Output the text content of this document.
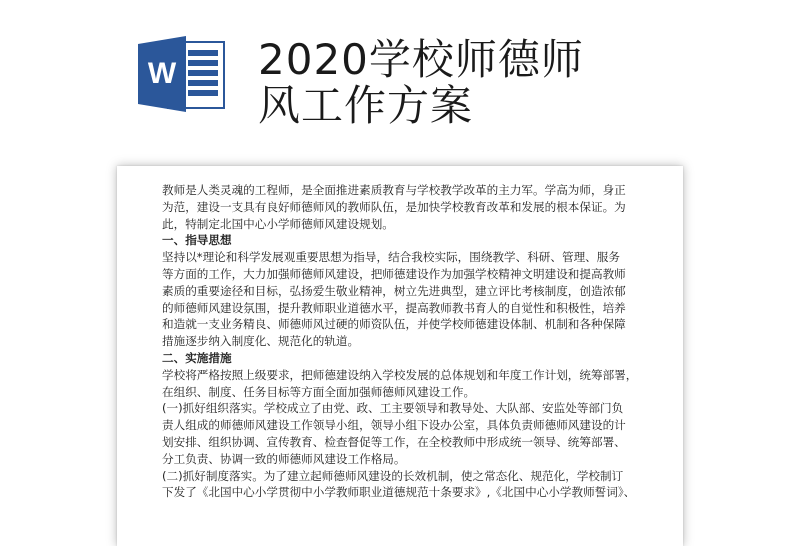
W 2020学校师德师
风工作方案

教师是人类灵魂的工程师，是全面推进素质教育与学校教学改革的主力军。学高为师，身正

为范，建设一支具有良好师德师风的教师队伍，是加快学校教育改革和发展的根本保证。为

此，特制定北国中心小学师德师风建设规划。

一、指导思想

坚持以*理论和科学发展观重要思想为指导，结合我校实际，围绕教学、科研、管理、服务

等方面的工作，大力加强师德师风建设，把师德建设作为加强学校精神文明建设和提高教师

素质的重要途径和目标，弘扬爱生敬业精神，树立先进典型，建立评比考核制度，创造浓郁

的师德师风建设氛围，提升教师职业道德水平，提高教师教书育人的自觉性和积极性，培养

和造就一支业务精良、师德师风过硬的师资队伍，并使学校师德建设体制、机制和各种保障

措施逐步纳入制度化、规范化的轨道。

二、实施措施

学校将严格按照上级要求，把师德建设纳入学校发展的总体规划和年度工作计划，统筹部署，

在组织、制度、任务目标等方面全面加强师德师风建设工作。

(一)抓好组织落实。学校成立了由党、政、工主要领导和教导处、大队部、安监处等部门负

责人组成的师德师风建设工作领导小组，领导小组下设办公室，具体负责师德师风建设的计

划安排、组织协调、宣传教育、检查督促等工作，在全校教师中形成统一领导、统筹部署、

分工负责、协调一致的师德师风建设工作格局。

(二)抓好制度落实。为了建立起师德师风建设的长效机制，使之常态化、规范化，学校制订

下发了《北国中心小学贯彻中小学教师职业道德规范十条要求》,《北国中心小学教师誓词》、
